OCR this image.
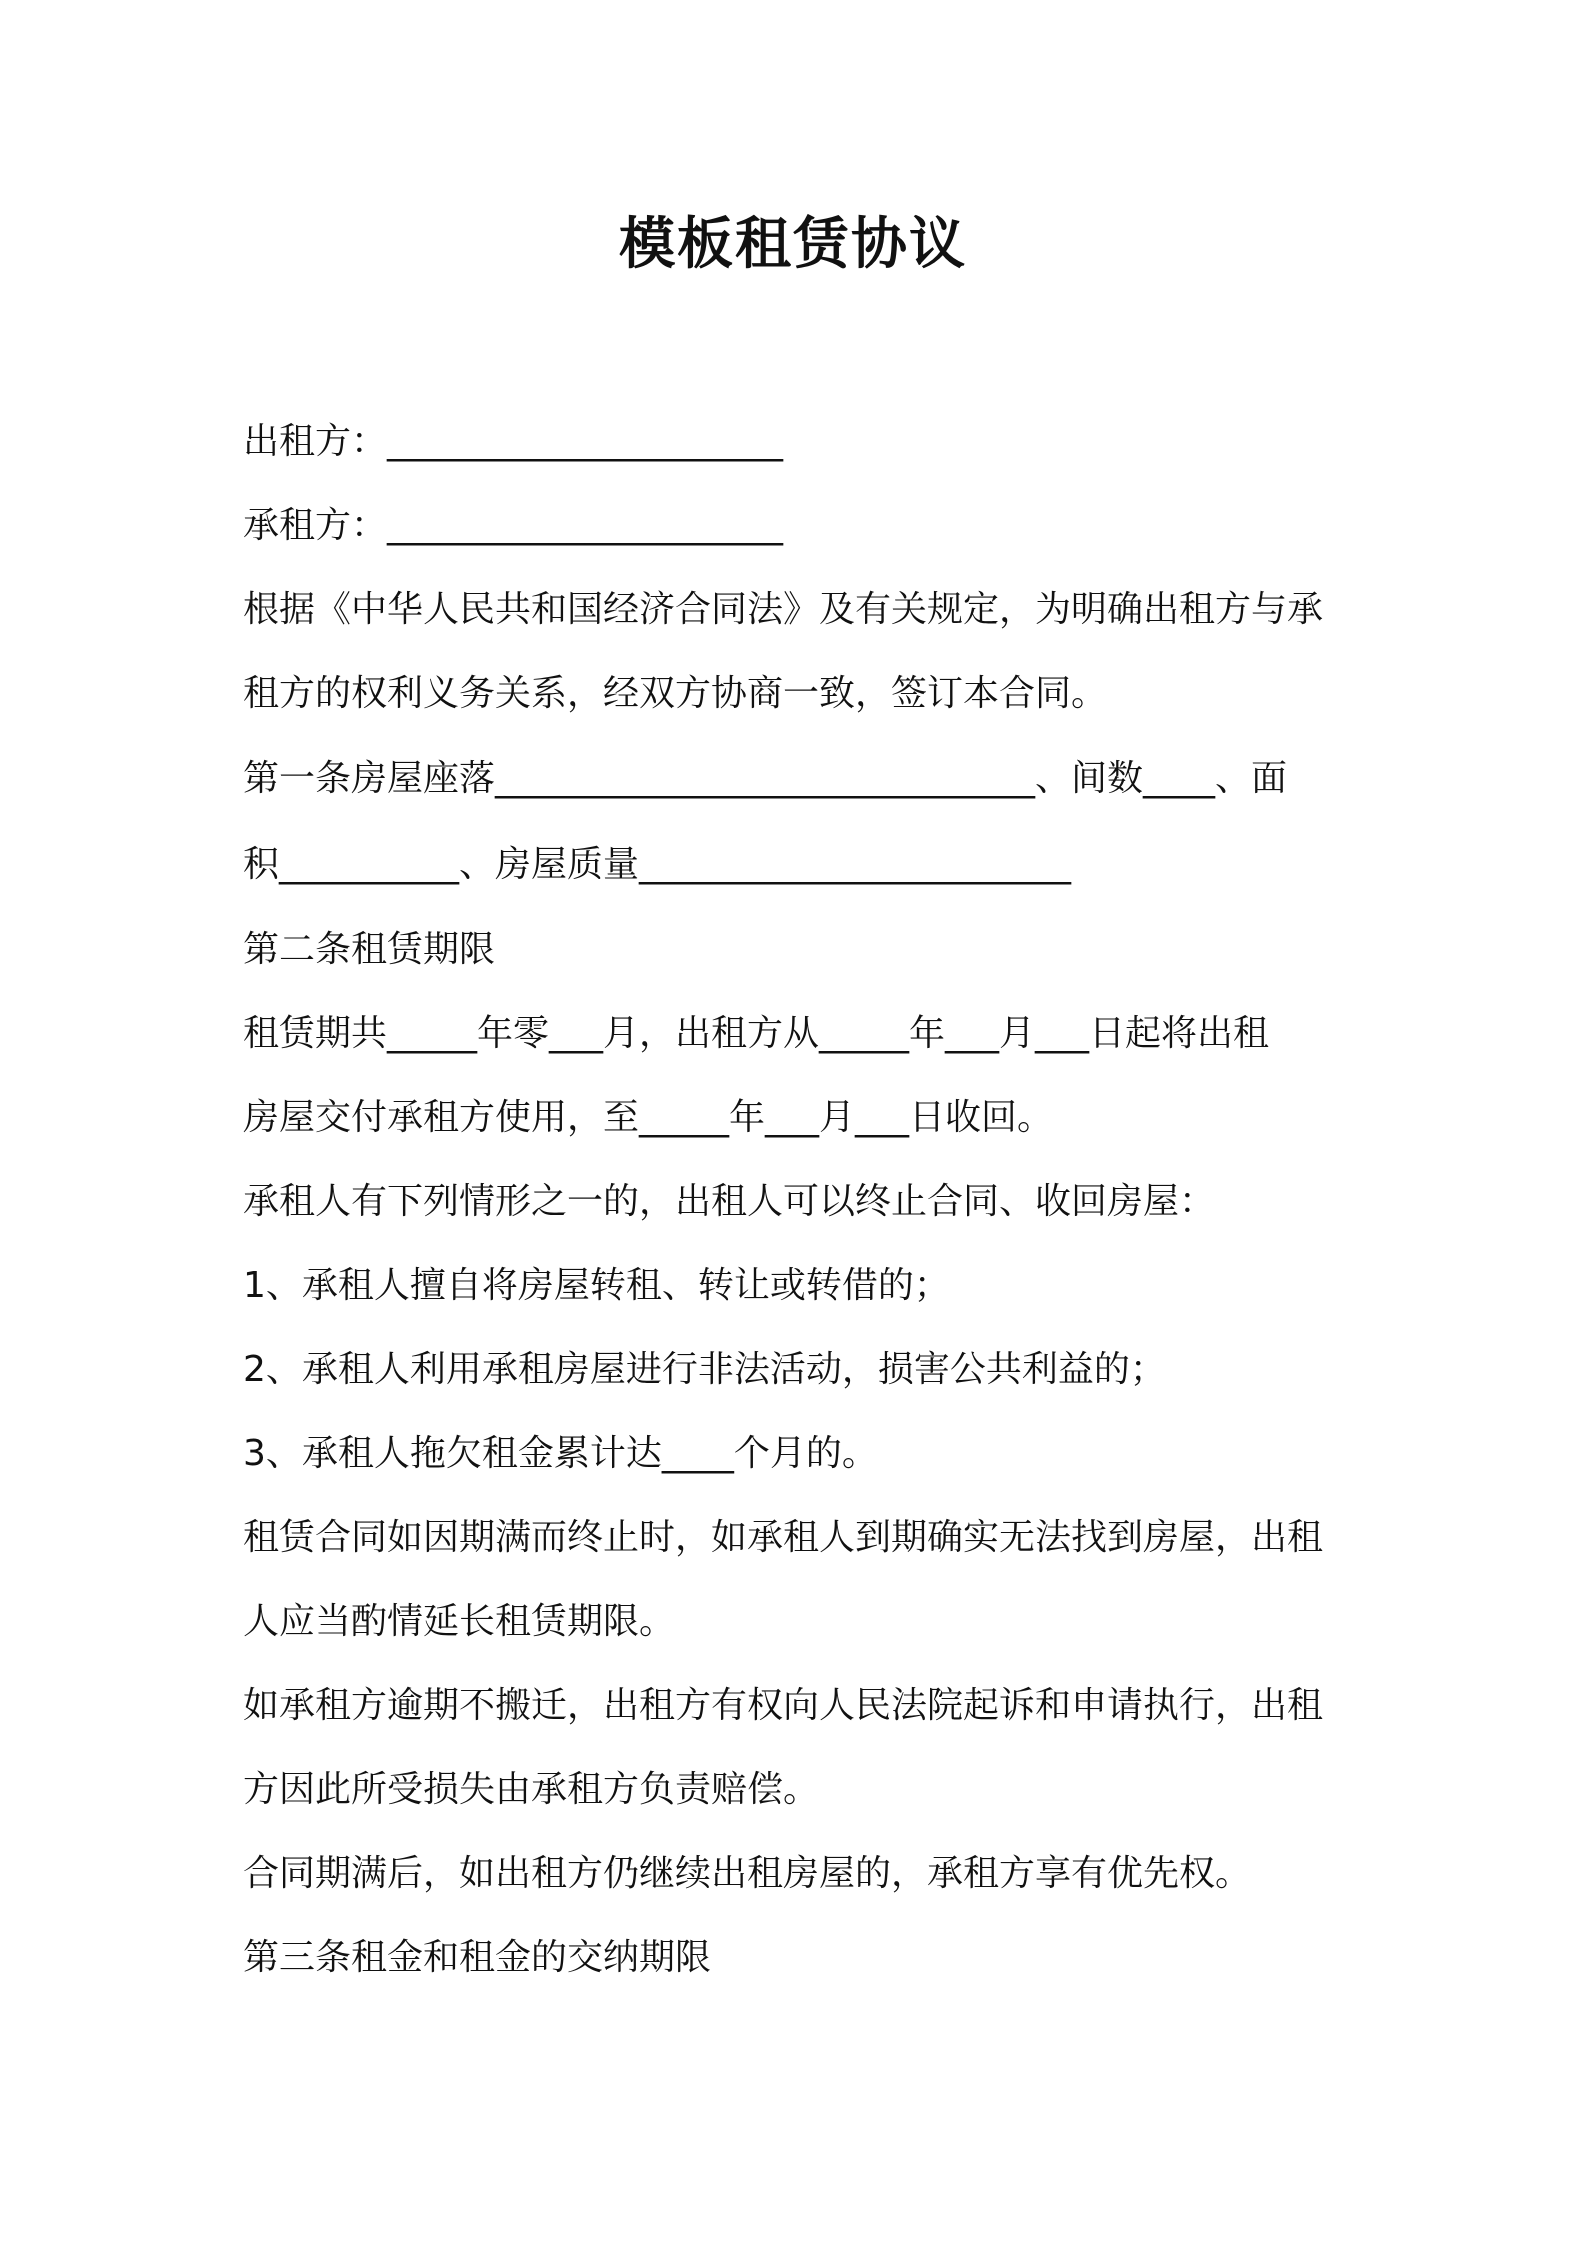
模板租赁协议
出租方：______________________
承租方：______________________
根据《中华人民共和国经济合同法》及有关规定，为明确出租方与承
租方的权利义务关系，经双方协商一致，签订本合同。
第一条房屋座落______________________________、间数____、面
积__________、房屋质量________________________
第二条租赁期限
租赁期共_____年零___月，出租方从_____年___月___日起将出租
房屋交付承租方使用，至_____年___月___日收回。
承租人有下列情形之一的，出租人可以终止合同、收回房屋：
1、承租人擅自将房屋转租、转让或转借的；
2、承租人利用承租房屋进行非法活动，损害公共利益的；
3、承租人拖欠租金累计达____个月的。
租赁合同如因期满而终止时，如承租人到期确实无法找到房屋，出租
人应当酌情延长租赁期限。
如承租方逾期不搬迁，出租方有权向人民法院起诉和申请执行，出租
方因此所受损失由承租方负责赔偿。
合同期满后，如出租方仍继续出租房屋的，承租方享有优先权。
第三条租金和租金的交纳期限
